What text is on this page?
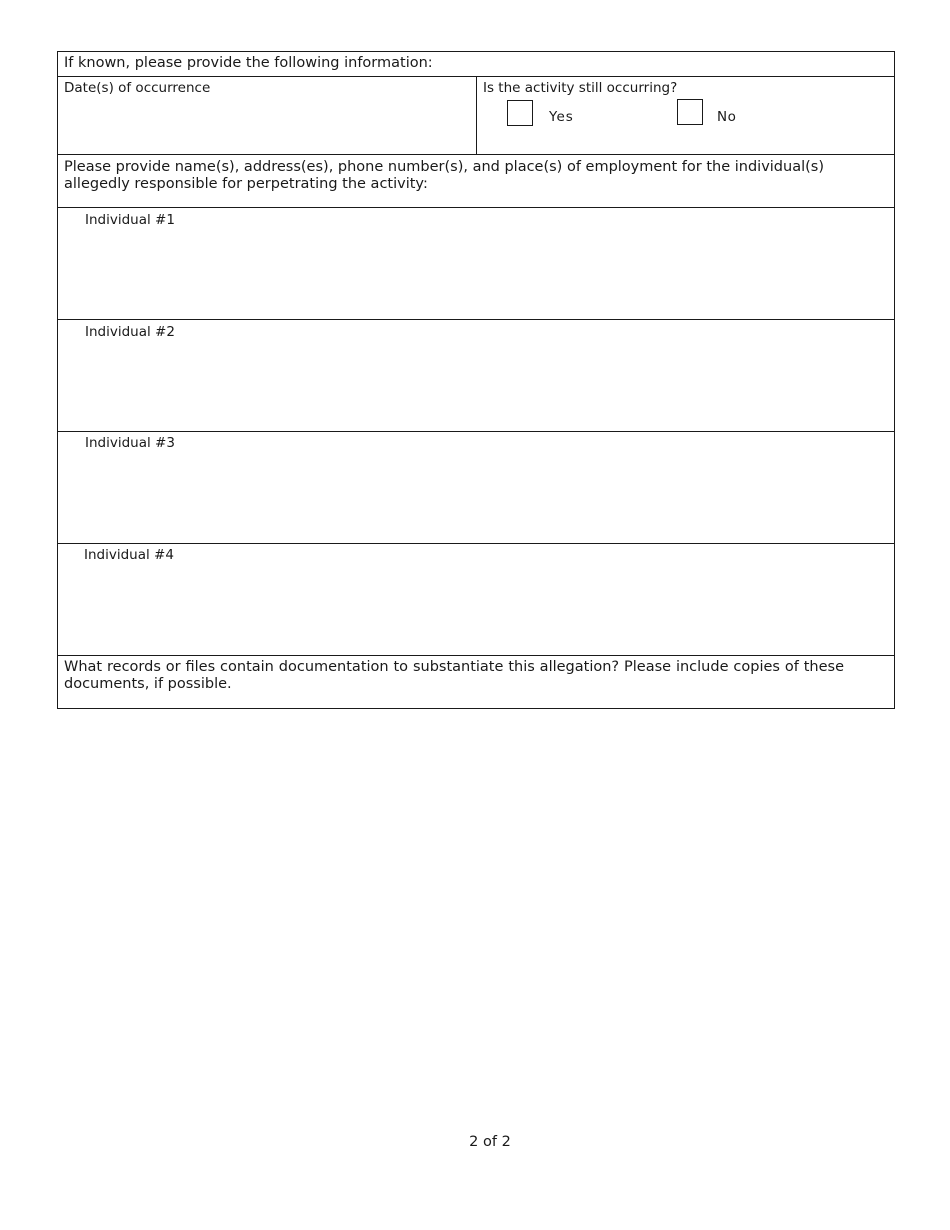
If known, please provide the following information:
Date(s) of occurrence	Is the activity still occurring?
Yes	No
Please provide name(s), address(es), phone number(s), and place(s) of employment for the individual(s) allegedly responsible for perpetrating the activity:
Individual #1
Individual #2
Individual #3
Individual #4
What records or files contain documentation to substantiate this allegation? Please include copies of these documents, if possible.
2 of 2
